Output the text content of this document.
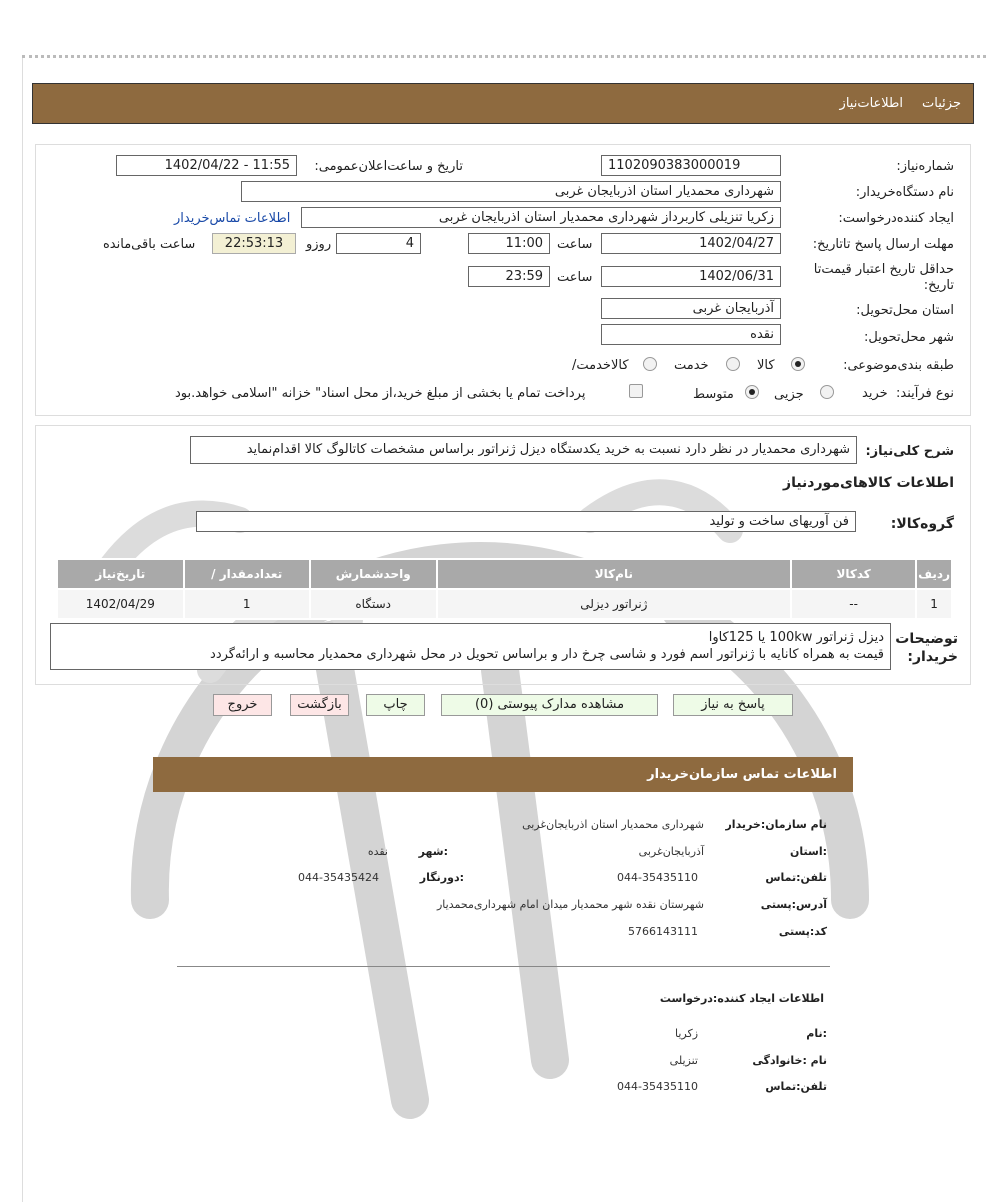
جزئیات
اطلاعات‌نیاز
شماره‌نیاز:
1102090383000019
تاریخ و ساعت‌اعلان‌عمومی:
1402/04/22 - 11:55
نام دستگاه‌خریدار:
شهرداری محمدیار استان اذربایجان غربی
ایجاد کننده‌درخواست:
زکریا تنزیلی کاربرداز شهرداری محمدیار استان اذربایجان غربی
اطلاعات تماس‌خریدار
مهلت ارسال پاسخ تا‌تاریخ:
1402/04/27
ساعت
11:00
4
روزو
22:53:13
ساعت باقی‌مانده
حداقل تاریخ اعتبار قیمت‌تا تاریخ:
1402/06/31
ساعت
23:59
استان محل‌تحویل:
آذربایجان غربی
شهر محل‌تحویل:
نقده
طبقه بندی‌موضوعی:
کالا
خدمت
کالا‌خدمت/
نوع فرآیند:
خرید
جزیی
متوسط
پرداخت تمام یا بخشی از مبلغ خرید،از محل اسناد" خزانه "اسلامی خواهد.بود
شرح کلی‌نیاز:
شهرداری محمدیار در نظر دارد نسبت به خرید یکدستگاه دیزل ژنراتور براساس مشخصات کاتالوگ کالا اقدام‌نماید
اطلاعات کالاهای‌موردنیاز
گروه‌کالا:
فن آوریهای ساخت و تولید
ردیف	کدکالا	نام‌کالا	واحدشمارش	تعدادمقدار /	تاریخ‌نیاز
1	--	ژنراتور دیزلی	دستگاه	1	1402/04/29
توضیحات
خریدار:
دیزل ژنراتور 100kw یا 125کاوا
قیمت به همراه کانایه با ژنراتور اسم فورد و شاسی چرخ دار و براساس تحویل در محل شهرداری محمدیار محاسبه و ارائه‌گردد
پاسخ به نیاز
مشاهده مدارک پیوستی (0)
چاپ
بازگشت
خروج
اطلاعات تماس سازمان‌خریدار
نام سازمان:خریدار
شهرداری محمدیار استان اذربایجان‌غربی
:استان
آذربایجان‌غربی
:شهر
نقده
تلفن:تماس
044-35435110
:دورنگار
044-35435424
آدرس:پستی
شهرستان نقده شهر محمدیار میدان امام شهرداری‌محمدیار
کد:پستی
5766143111
اطلاعات ایجاد کننده:درخواست
:نام
زکریا
نام :خانوادگی
تنزیلی
تلفن:تماس
044-35435110
